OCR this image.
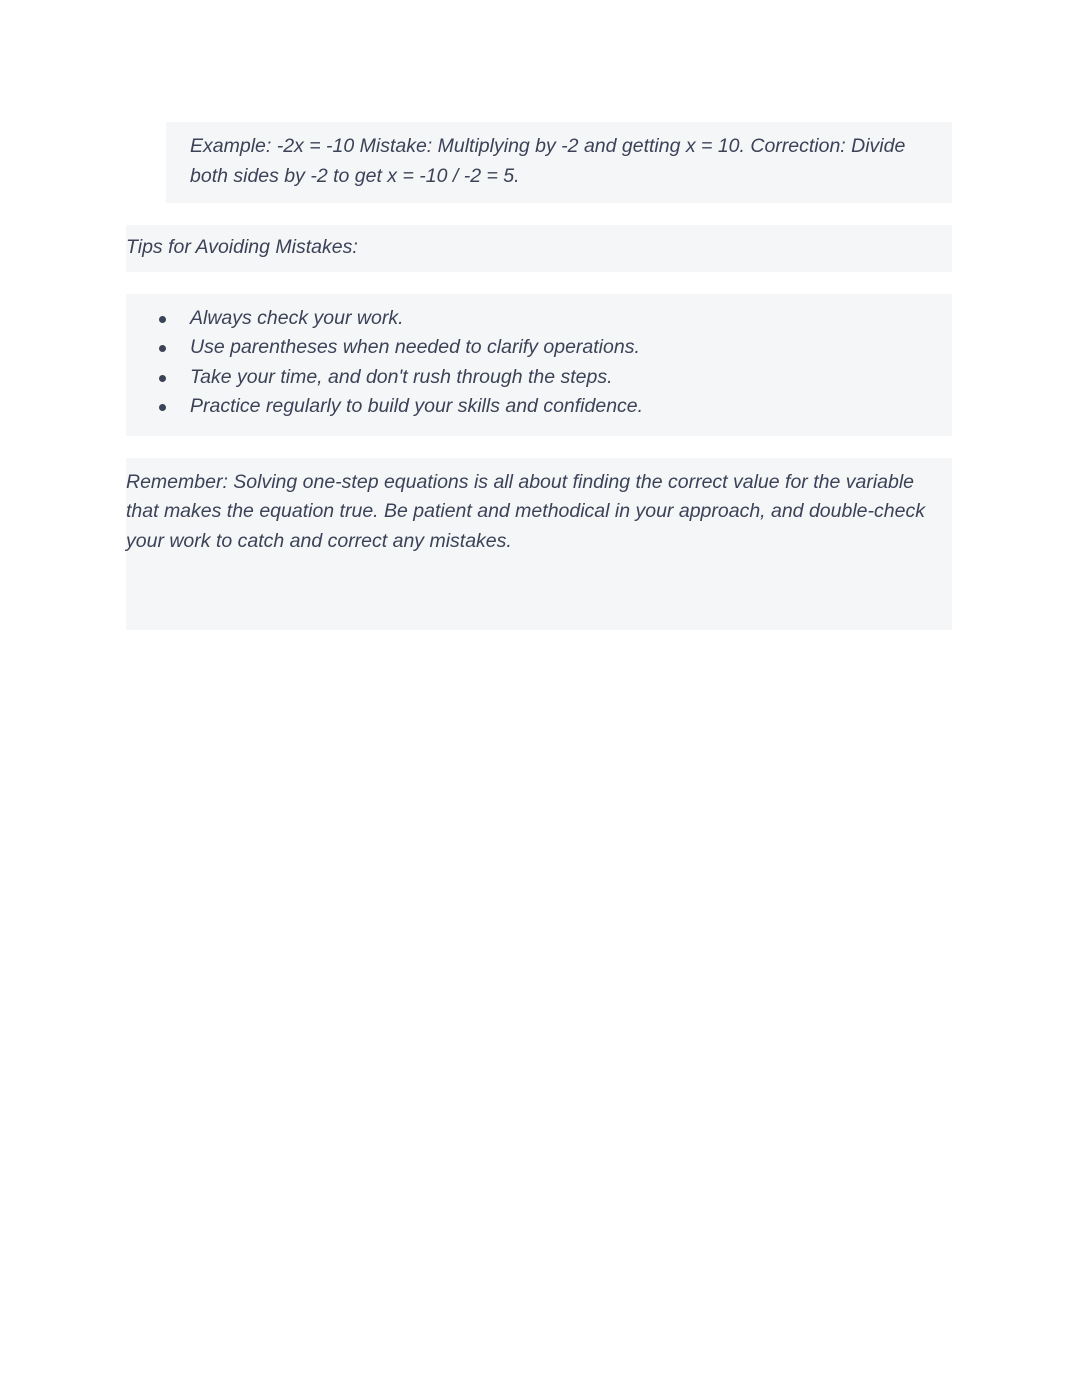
Example: -2x = -10 Mistake: Multiplying by -2 and getting x = 10. Correction: Divide both sides by -2 to get x = -10 / -2 = 5.
Tips for Avoiding Mistakes:
Always check your work.
Use parentheses when needed to clarify operations.
Take your time, and don't rush through the steps.
Practice regularly to build your skills and confidence.

Remember: Solving one-step equations is all about finding the correct value for the variable that makes the equation true. Be patient and methodical in your approach, and double-check your work to catch and correct any mistakes.
